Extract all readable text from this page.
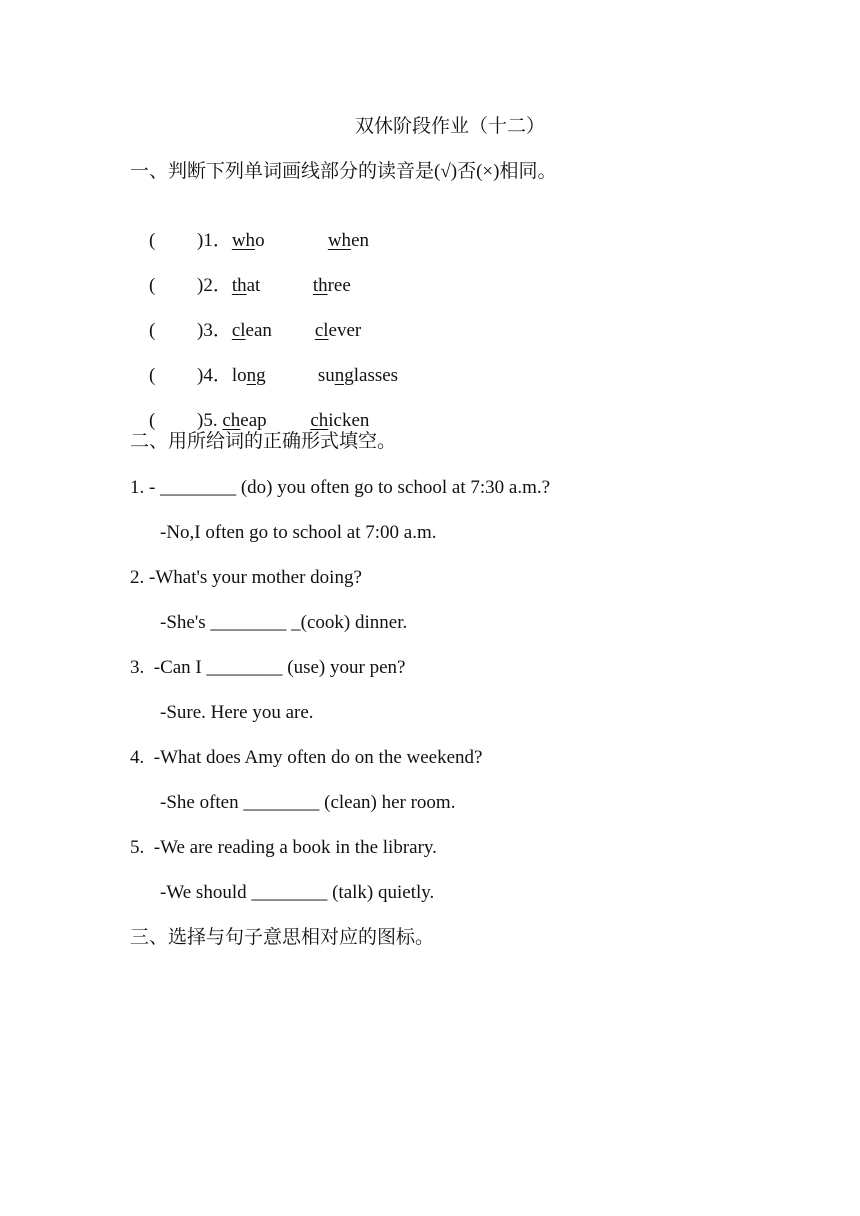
双休阶段作业（十二）
一、判断下列单词画线部分的读音是(√)否(×)相同。

( )1．who	when

( )2．that	three

( )3．clean clever

( )4．long	sunglasses

( )5. cheap chicken

二、用所给词的正确形式填空。
1. - ________ (do) you often go to school at 7:30 a.m.?
-No,I often go to school at 7:00 a.m.
2. -What's your mother doing?
-She's ________ _(cook) dinner.
3.  -Can I ________ (use) your pen?
-Sure. Here you are.
4.  -What does Amy often do on the weekend?
-She often ________ (clean) her room.
5.  -We are reading a book in the library.
-We should ________ (talk) quietly.
三、选择与句子意思相对应的图标。
